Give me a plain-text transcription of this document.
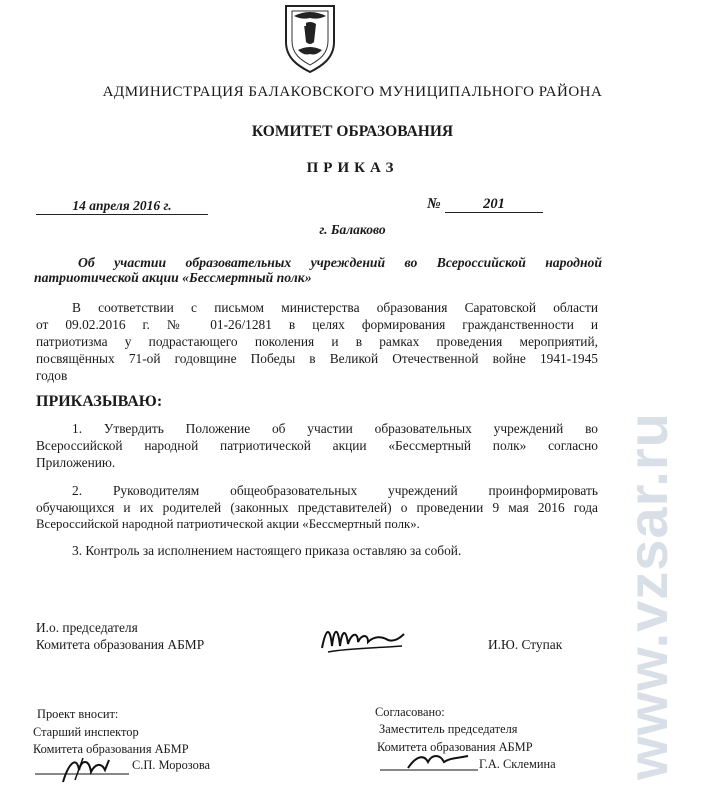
АДМИНИСТРАЦИЯ БАЛАКОВСКОГО МУНИЦИПАЛЬНОГО РАЙОНА
КОМИТЕТ ОБРАЗОВАНИЯ
ПРИКАЗ
14 апреля 2016 г.	№	201
г. Балаково
Об участии образовательных учреждений во Всероссийской народной
патриотической акции «Бессмертный полк»
В соответствии с письмом министерства образования Саратовской области
от 09.02.2016 г. № 01-26/1281 в целях формирования гражданственности и
патриотизма у подрастающего поколения и в рамках проведения мероприятий,
посвящённых 71-ой годовщине Победы в Великой Отечественной войне 1941-1945
годов
ПРИКАЗЫВАЮ:
1. Утвердить Положение об участии образовательных учреждений во
Всероссийской народной патриотической акции «Бессмертный полк» согласно
Приложению.
2. Руководителям общеобразовательных учреждений проинформировать
обучающихся и их родителей (законных представителей) о проведении 9 мая 2016 года
Всероссийской народной патриотической акции «Бессмертный полк».
3. Контроль за исполнением настоящего приказа оставляю за собой.
И.о. председателя
Комитета образования АБМР	И.Ю. Ступак
Проект вносит:
Старший инспектор
Комитета образования АБМР
С.П. Морозова
Согласовано:
Заместитель председателя
Комитета образования АБМР
Г.А. Склемина www.vzsar.ru
